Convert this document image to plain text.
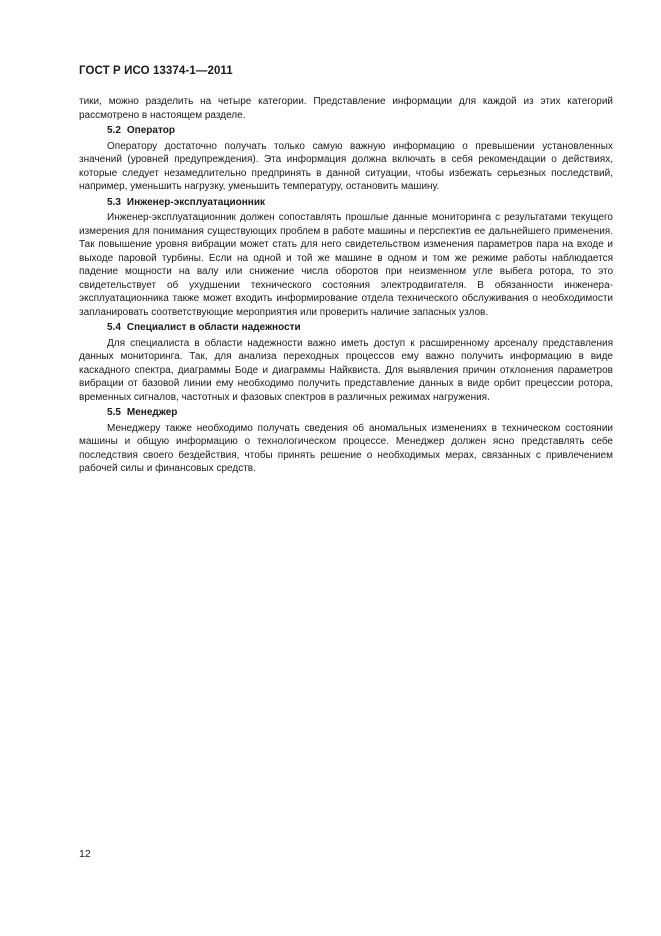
ГОСТ Р ИСО 13374-1—2011

тики, можно разделить на четыре категории. Представление информации для каждой из этих категорий рассмотрено в настоящем разделе.

5.2 Оператор

Оператору достаточно получать только самую важную информацию о превышении установленных значений (уровней предупреждения). Эта информация должна включать в себя рекомендации о действиях, которые следует незамедлительно предпринять в данной ситуации, чтобы избежать серьезных последствий, например, уменьшить нагрузку, уменьшить температуру, остановить машину.

5.3 Инженер-эксплуатационник

Инженер-эксплуатационник должен сопоставлять прошлые данные мониторинга с результатами текущего измерения для понимания существующих проблем в работе машины и перспектив ее дальнейшего применения. Так повышение уровня вибрации может стать для него свидетельством изменения параметров пара на входе и выходе паровой турбины. Если на одной и той же машине в одном и том же режиме работы наблюдается падение мощности на валу или снижение числа оборотов при неизменном угле выбега ротора, то это свидетельствует об ухудшении технического состояния электродвигателя. В обязанности инженера-эксплуатационника также может входить информирование отдела технического обслуживания о необходимости запланировать соответствующие мероприятия или проверить наличие запасных узлов.

5.4 Специалист в области надежности

Для специалиста в области надежности важно иметь доступ к расширенному арсеналу представления данных мониторинга. Так, для анализа переходных процессов ему важно получить информацию в виде каскадного спектра, диаграммы Боде и диаграммы Найквиста. Для выявления причин отклонения параметров вибрации от базовой линии ему необходимо получить представление данных в виде орбит прецессии ротора, временных сигналов, частотных и фазовых спектров в различных режимах нагружения.

5.5 Менеджер

Менеджеру также необходимо получать сведения об аномальных изменениях в техническом состоянии машины и общую информацию о технологическом процессе. Менеджер должен ясно представлять себе последствия своего бездействия, чтобы принять решение о необходимых мерах, связанных с привлечением рабочей силы и финансовых средств.

12
